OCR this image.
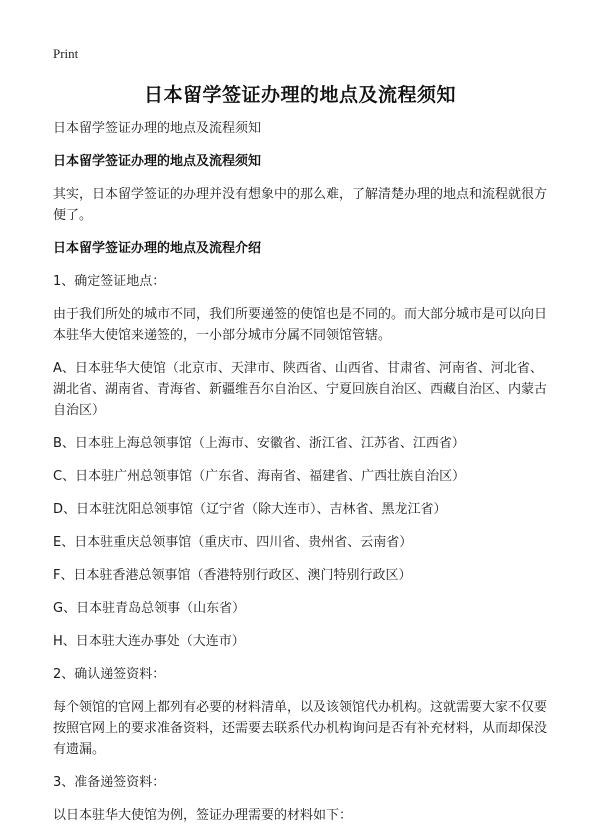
Print
日本留学签证办理的地点及流程须知

日本留学签证办理的地点及流程须知

日本留学签证办理的地点及流程须知

其实，日本留学签证的办理并没有想象中的那么难，了解清楚办理的地点和流程就很方便了。

日本留学签证办理的地点及流程介绍

1、确定签证地点：

由于我们所处的城市不同，我们所要递签的使馆也是不同的。而大部分城市是可以向日本驻华大使馆来递签的，一小部分城市分属不同领馆管辖。

A、日本驻华大使馆（北京市、天津市、陕西省、山西省、甘肃省、河南省、河北省、湖北省、湖南省、青海省、新疆维吾尔自治区、宁夏回族自治区、西藏自治区、内蒙古自治区）

B、日本驻上海总领事馆（上海市、安徽省、浙江省、江苏省、江西省）

C、日本驻广州总领事馆（广东省、海南省、福建省、广西壮族自治区）

D、日本驻沈阳总领事馆（辽宁省（除大连市）、吉林省、黑龙江省）

E、日本驻重庆总领事馆（重庆市、四川省、贵州省、云南省）

F、日本驻香港总领事馆（香港特别行政区、澳门特别行政区）

G、日本驻青岛总领事（山东省）

H、日本驻大连办事处（大连市）

2、确认递签资料：

每个领馆的官网上都列有必要的材料清单，以及该领馆代办机构。这就需要大家不仅要按照官网上的要求准备资料，还需要去联系代办机构询问是否有补充材料，从而却保没有遗漏。

3、准备递签资料：

以日本驻华大使馆为例，签证办理需要的材料如下：
